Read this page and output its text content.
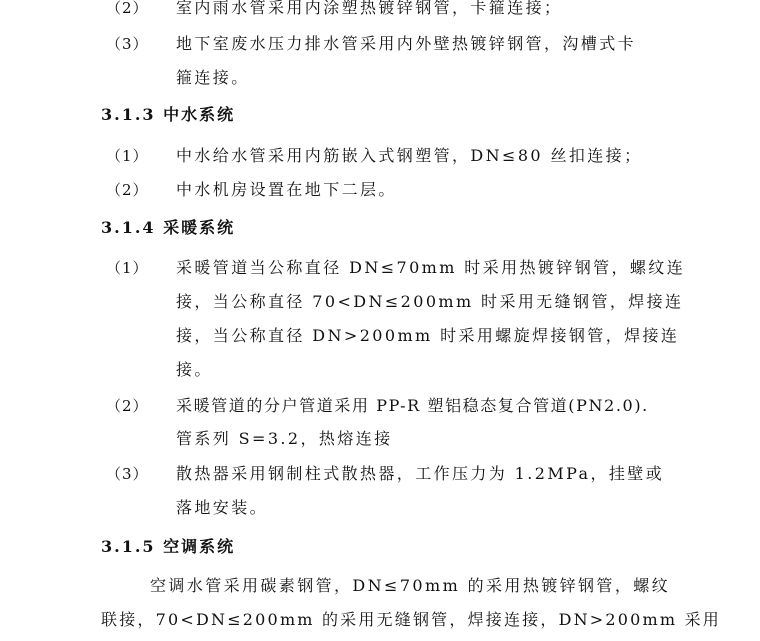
（2） 室内雨水管采用内涂塑热镀锌钢管，卡箍连接；
（3） 地下室废水压力排水管采用内外壁热镀锌钢管，沟槽式卡
箍连接。
3.1.3 中水系统
（1） 中水给水管采用内筋嵌入式钢塑管，DN≤80 丝扣连接；
（2） 中水机房设置在地下二层。
3.1.4 采暖系统
（1） 采暖管道当公称直径 DN≤70mm 时采用热镀锌钢管，螺纹连
接，当公称直径 70<DN≤200mm 时采用无缝钢管，焊接连
接，当公称直径 DN>200mm 时采用螺旋焊接钢管，焊接连
接。
（2） 采暖管道的分户管道采用 PP-R 塑铝稳态复合管道(PN2.0).
管系列 S=3.2，热熔连接
（3） 散热器采用钢制柱式散热器，工作压力为 1.2MPa，挂壁或
落地安装。
3.1.5 空调系统
空调水管采用碳素钢管，DN≤70mm 的采用热镀锌钢管，螺纹
联接，70<DN≤200mm 的采用无缝钢管，焊接连接，DN>200mm 采用
